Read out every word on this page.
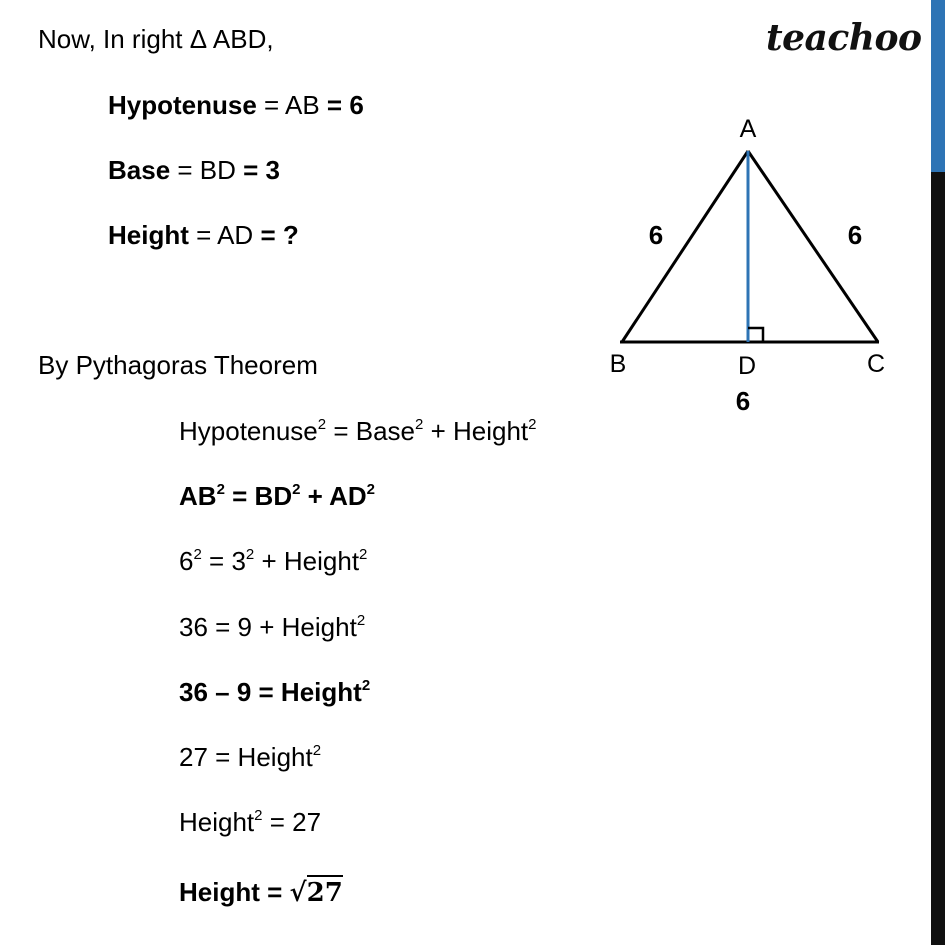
teachoo
Now, In right Δ ABD,
Hypotenuse = AB = 6
Base = BD = 3
Height = AD = ?
By Pythagoras Theorem
Hypotenuse$^2$ = Base$^2$ + Height$^2$
$AB^2 = BD^2 + AD^2$
$6^2 = 3^2$ + Height$^2$
36 = 9 + Height$^2$
36 – 9 = Height$^2$
27 = Height$^2$
Height$^2$ = 27
Height = √27
A
B	C
D
6	6
6
